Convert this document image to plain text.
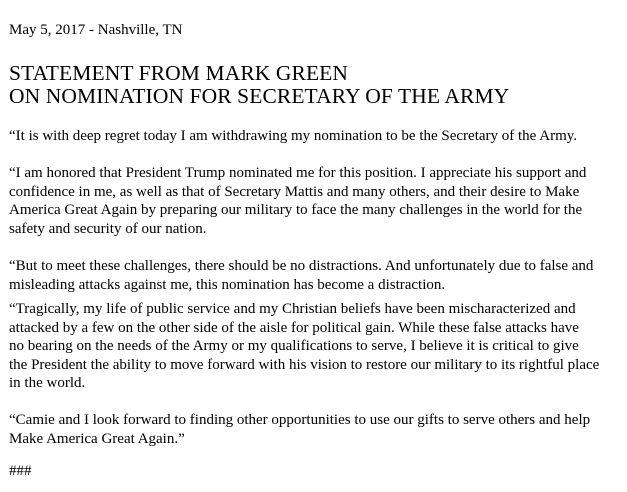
May 5, 2017 - Nashville, TN
STATEMENT FROM MARK GREEN
ON NOMINATION FOR SECRETARY OF THE ARMY

“It is with deep regret today I am withdrawing my nomination to be the Secretary of the Army.

“I am honored that President Trump nominated me for this position. I appreciate his support and
confidence in me, as well as that of Secretary Mattis and many others, and their desire to Make
America Great Again by preparing our military to face the many challenges in the world for the
safety and security of our nation.

“But to meet these challenges, there should be no distractions. And unfortunately due to false and
misleading attacks against me, this nomination has become a distraction.

“Tragically, my life of public service and my Christian beliefs have been mischaracterized and
attacked by a few on the other side of the aisle for political gain. While these false attacks have
no bearing on the needs of the Army or my qualifications to serve, I believe it is critical to give
the President the ability to move forward with his vision to restore our military to its rightful place
in the world.

“Camie and I look forward to finding other opportunities to use our gifts to serve others and help
Make America Great Again.”

###
